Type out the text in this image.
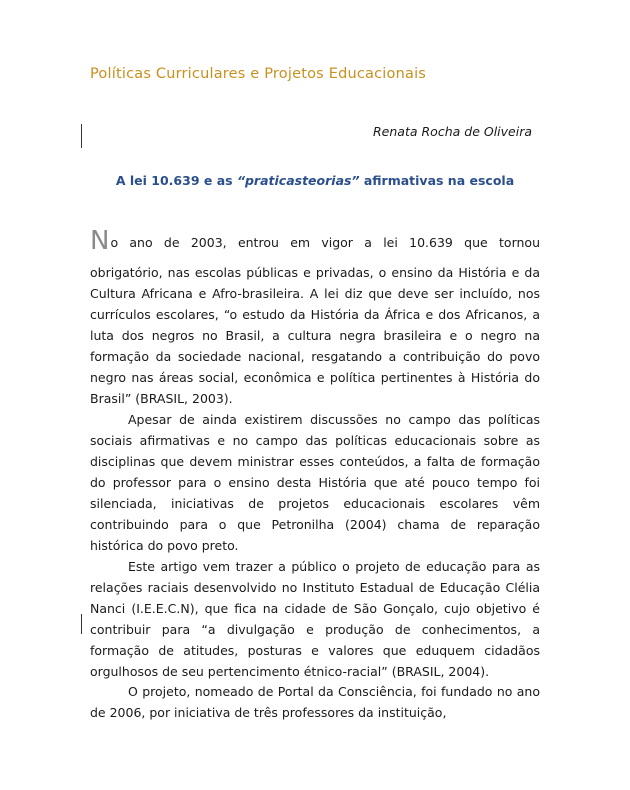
Políticas Curriculares e Projetos Educacionais
Renata Rocha de Oliveira
A lei 10.639 e as “praticasteorias” afirmativas na escola
No ano de 2003, entrou em vigor a lei 10.639 que tornou
obrigatório, nas escolas públicas e privadas, o ensino da História e da Cultura Africana e Afro-brasileira. A lei diz que deve ser incluído, nos currículos escolares, “o estudo da História da África e dos Africanos, a luta dos negros no Brasil, a cultura negra brasileira e o negro na formação da sociedade nacional, resgatando a contribuição do povo negro nas áreas social, econômica e política pertinentes à História do Brasil” (BRASIL, 2003).
Apesar de ainda existirem discussões no campo das políticas sociais afirmativas e no campo das políticas educacionais sobre as disciplinas que devem ministrar esses conteúdos, a falta de formação do professor para o ensino desta História que até pouco tempo foi silenciada, iniciativas de projetos educacionais escolares vêm contribuindo para o que Petronilha (2004) chama de reparação histórica do povo preto.
Este artigo vem trazer a público o projeto de educação para as relações raciais desenvolvido no Instituto Estadual de Educação Clélia Nanci (I.E.E.C.N), que fica na cidade de São Gonçalo, cujo objetivo é contribuir para “a divulgação e produção de conhecimentos, a formação de atitudes, posturas e valores que eduquem cidadãos orgulhosos de seu pertencimento étnico-racial” (BRASIL, 2004).
O projeto, nomeado de Portal da Consciência, foi fundado no ano de 2006, por iniciativa de três professores da instituição,
